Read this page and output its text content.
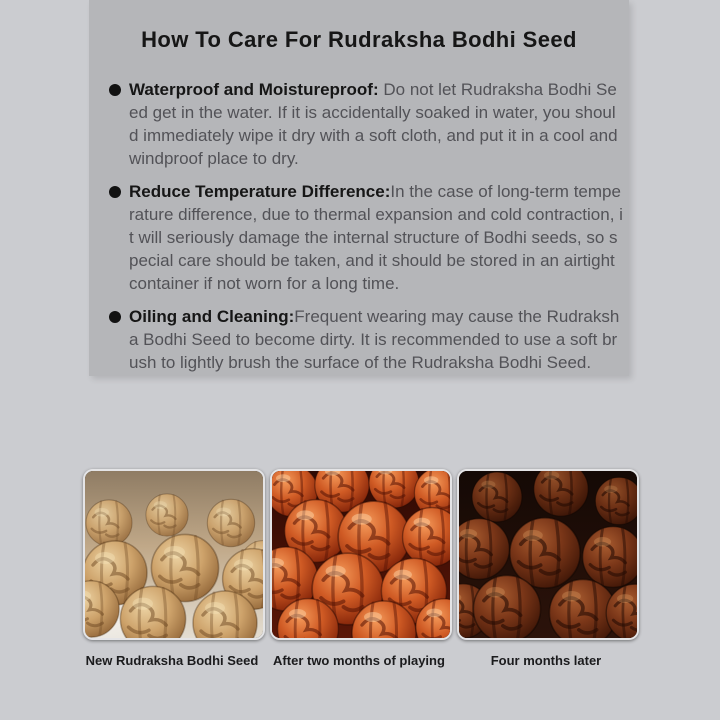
How To Care For Rudraksha Bodhi Seed

Waterproof and Moistureproof: Do not let Rudraksha Bodhi Seed get in the water. If it is accidentally soaked in water, you should immediately wipe it dry with a soft cloth, and put it in a cool and windproof place to dry.

Reduce Temperature Difference:In the case of long-term temperature difference, due to thermal expansion and cold contraction, it will seriously damage the internal structure of Bodhi seeds, so special care should be taken, and it should be stored in an airtight container if not worn for a long time.

Oiling and Cleaning:Frequent wearing may cause the Rudraksha Bodhi Seed to become dirty. It is recommended to use a soft brush to lightly brush the surface of the Rudraksha Bodhi Seed.

New Rudraksha Bodhi Seed After two months of playing	Four months later
